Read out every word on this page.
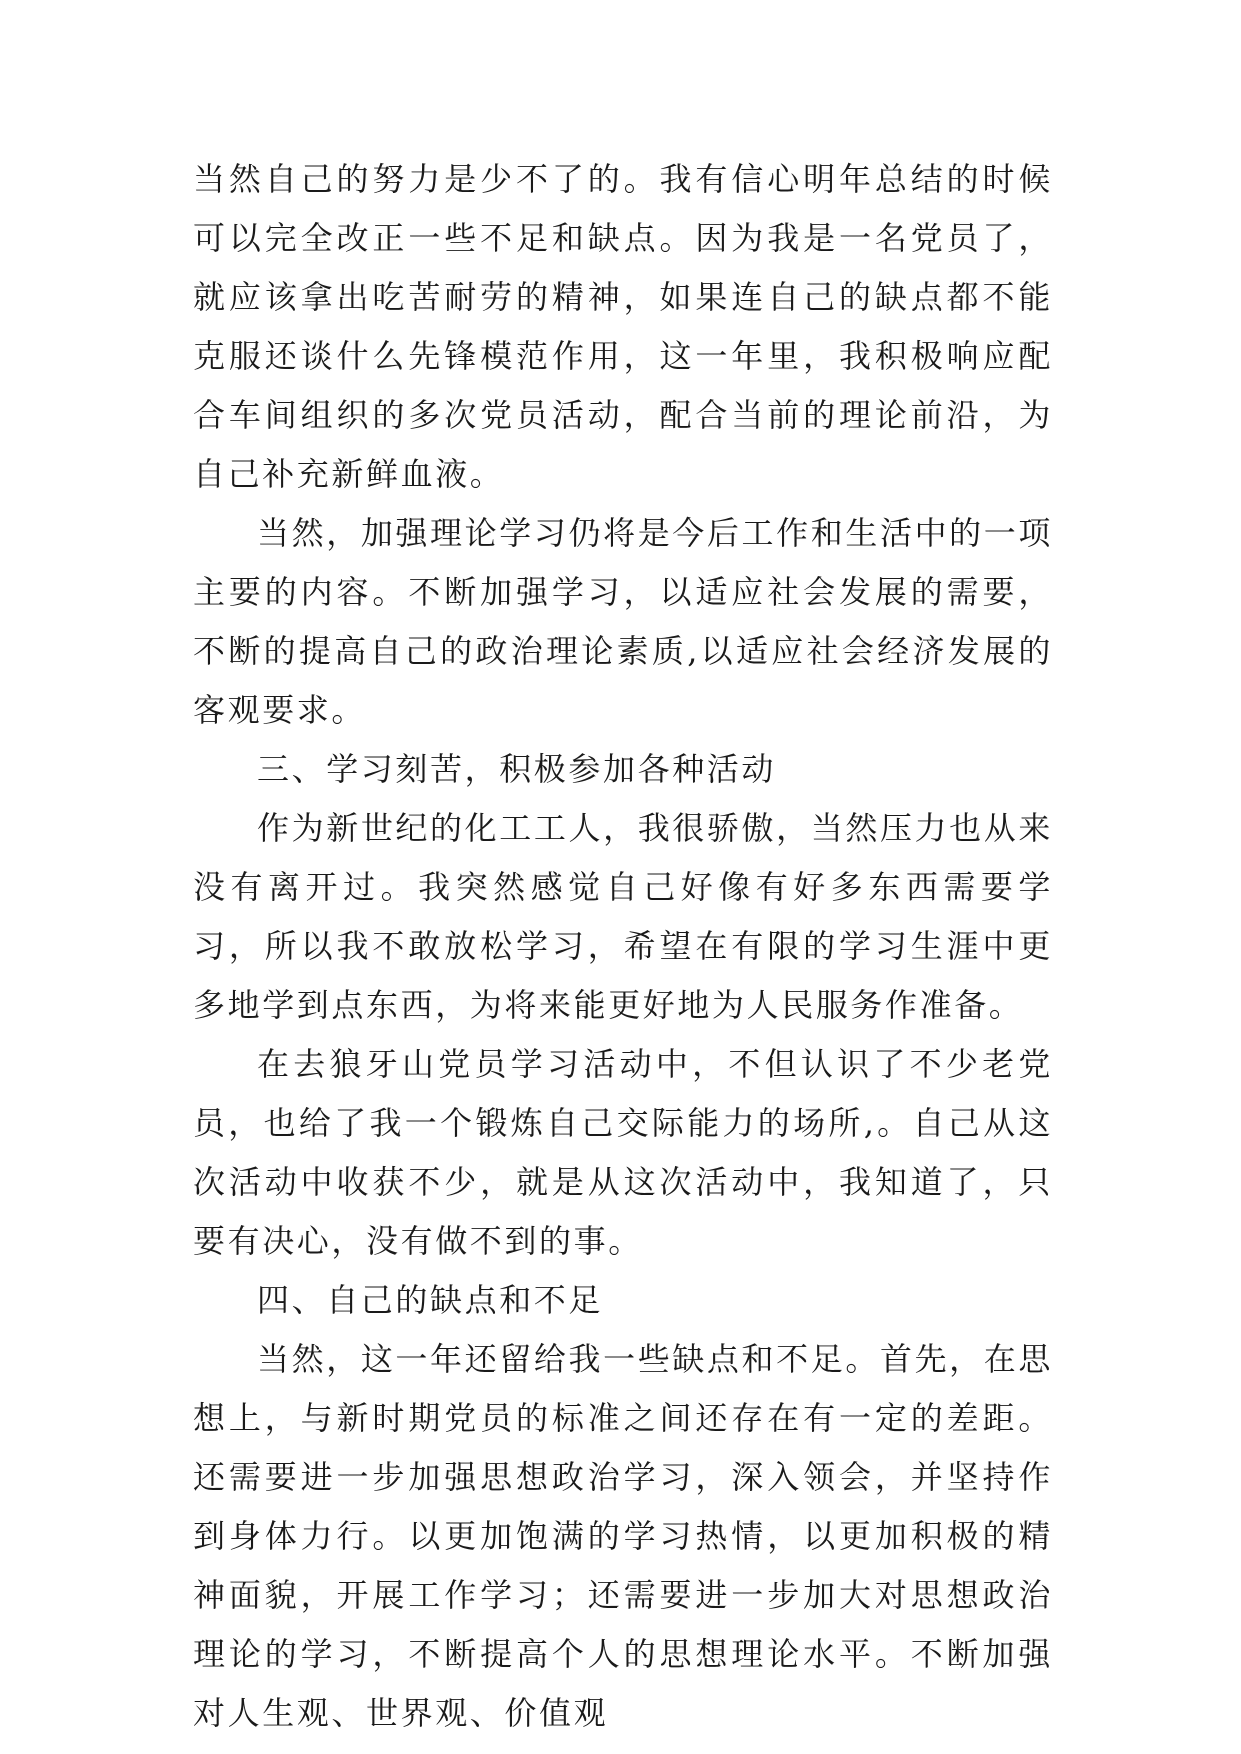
当然自己的努力是少不了的。我有信心明年总结的时候可以完全改正一些不足和缺点。因为我是一名党员了，就应该拿出吃苦耐劳的精神，如果连自己的缺点都不能克服还谈什么先锋模范作用，这一年里，我积极响应配合车间组织的多次党员活动，配合当前的理论前沿，为自己补充新鲜血液。

当然，加强理论学习仍将是今后工作和生活中的一项主要的内容。不断加强学习，以适应社会发展的需要，不断的提高自己的政治理论素质,以适应社会经济发展的客观要求。

三、学习刻苦，积极参加各种活动

作为新世纪的化工工人，我很骄傲，当然压力也从来没有离开过。我突然感觉自己好像有好多东西需要学习，所以我不敢放松学习，希望在有限的学习生涯中更多地学到点东西，为将来能更好地为人民服务作准备。

在去狼牙山党员学习活动中，不但认识了不少老党员，也给了我一个锻炼自己交际能力的场所,。自己从这次活动中收获不少，就是从这次活动中，我知道了，只要有决心，没有做不到的事。

四、自己的缺点和不足

当然，这一年还留给我一些缺点和不足。首先，在思想上，与新时期党员的标准之间还存在有一定的差距。还需要进一步加强思想政治学习，深入领会，并坚持作到身体力行。以更加饱满的学习热情，以更加积极的精神面貌，开展工作学习；还需要进一步加大对思想政治理论的学习，不断提高个人的思想理论水平。不断加强对人生观、世界观、价值观
